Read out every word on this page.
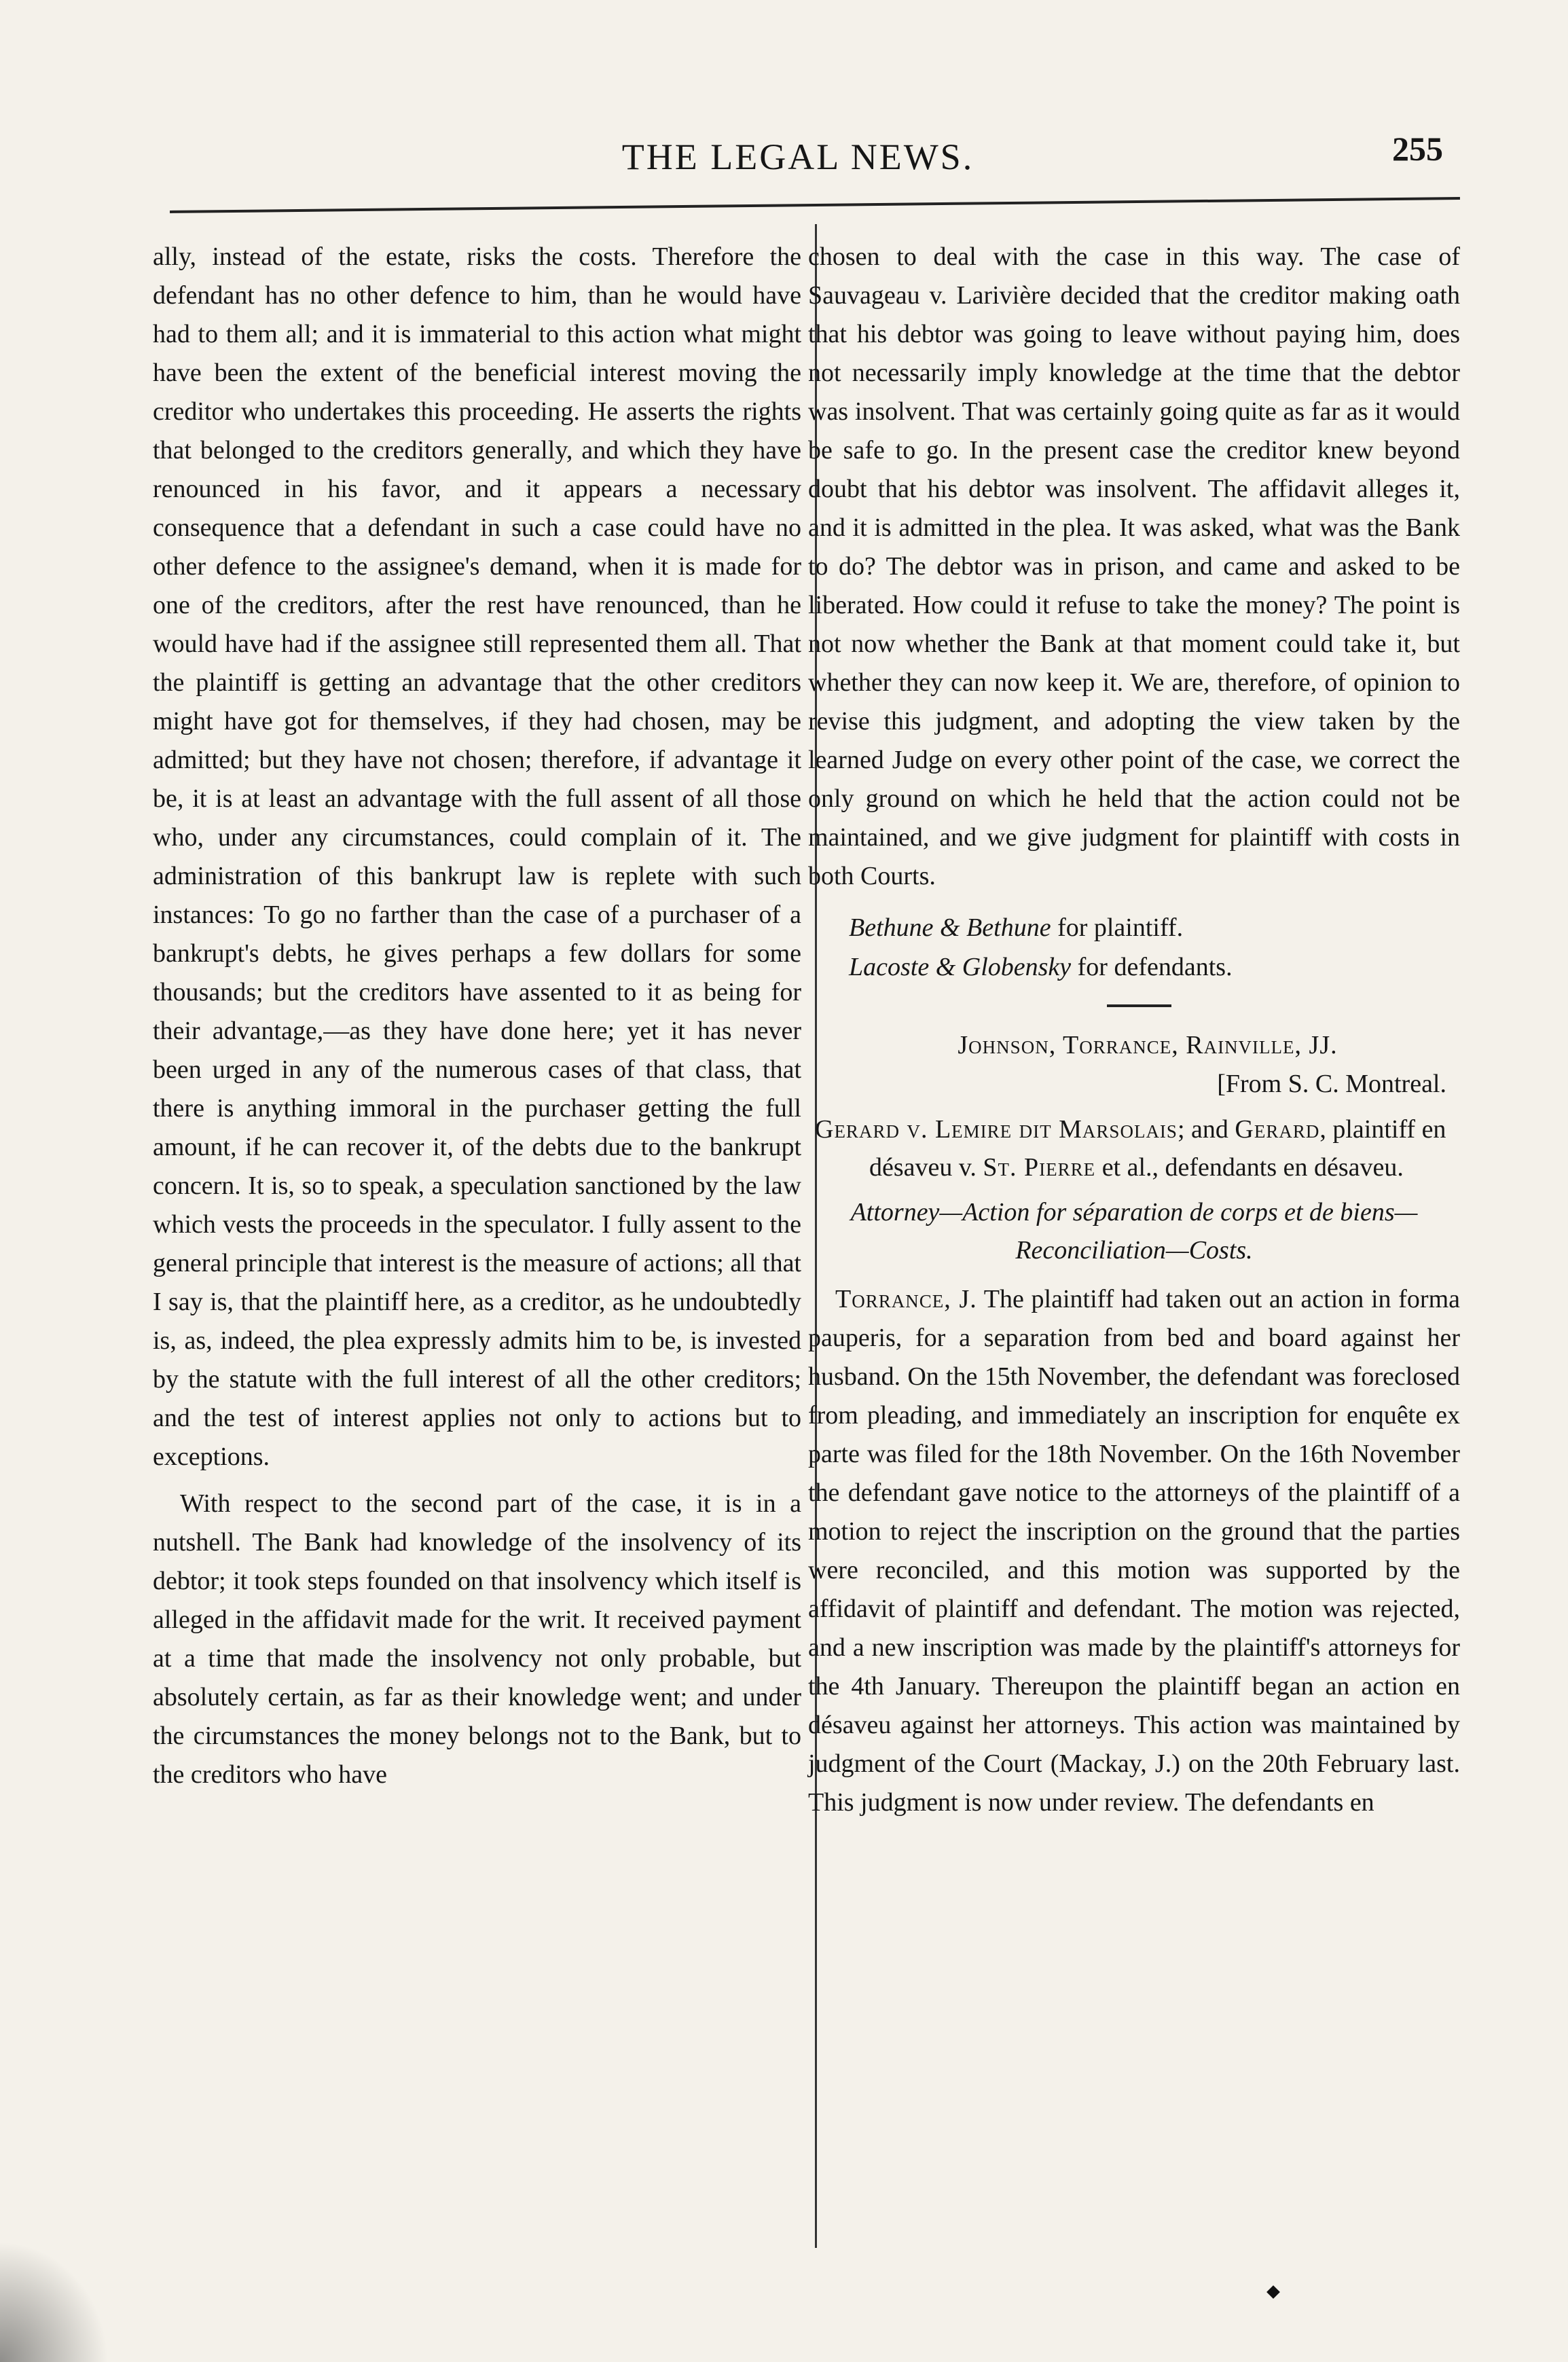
THE LEGAL NEWS.	255

ally, instead of the estate, risks the costs. Therefore the defendant has no other defence to him, than he would have had to them all; and it is immaterial to this action what might have been the extent of the beneficial interest moving the creditor who undertakes this proceeding. He asserts the rights that belonged to the creditors generally, and which they have renounced in his favor, and it appears a necessary consequence that a defendant in such a case could have no other defence to the assignee's demand, when it is made for one of the creditors, after the rest have renounced, than he would have had if the assignee still represented them all. That the plaintiff is getting an advantage that the other creditors might have got for themselves, if they had chosen, may be admitted; but they have not chosen; therefore, if advantage it be, it is at least an advantage with the full assent of all those who, under any circumstances, could complain of it. The administration of this bankrupt law is replete with such instances: To go no farther than the case of a purchaser of a bankrupt's debts, he gives perhaps a few dollars for some thousands; but the creditors have assented to it as being for their advantage,—as they have done here; yet it has never been urged in any of the numerous cases of that class, that there is anything immoral in the purchaser getting the full amount, if he can recover it, of the debts due to the bankrupt concern. It is, so to speak, a speculation sanctioned by the law which vests the proceeds in the speculator. I fully assent to the general principle that interest is the measure of actions; all that I say is, that the plaintiff here, as a creditor, as he undoubtedly is, as, indeed, the plea expressly admits him to be, is invested by the statute with the full interest of all the other creditors; and the test of interest applies not only to actions but to exceptions.

With respect to the second part of the case, it is in a nutshell. The Bank had knowledge of the insolvency of its debtor; it took steps founded on that insolvency which itself is alleged in the affidavit made for the writ. It received payment at a time that made the insolvency not only probable, but absolutely certain, as far as their knowledge went; and under the circumstances the money belongs not to the Bank, but to the creditors who have

chosen to deal with the case in this way. The case of Sauvageau v. Larivière decided that the creditor making oath that his debtor was going to leave without paying him, does not necessarily imply knowledge at the time that the debtor was insolvent. That was certainly going quite as far as it would be safe to go. In the present case the creditor knew beyond doubt that his debtor was insolvent. The affidavit alleges it, and it is admitted in the plea. It was asked, what was the Bank to do? The debtor was in prison, and came and asked to be liberated. How could it refuse to take the money? The point is not now whether the Bank at that moment could take it, but whether they can now keep it. We are, therefore, of opinion to revise this judgment, and adopting the view taken by the learned Judge on every other point of the case, we correct the only ground on which he held that the action could not be maintained, and we give judgment for plaintiff with costs in both Courts.

Bethune & Bethune for plaintiff.
Lacoste & Globensky for defendants.
Johnson, Torrance, Rainville, JJ.
[From S. C. Montreal.
Gerard v. Lemire dit Marsolais; and Gerard, plaintiff en désaveu v. St. Pierre et al., defendants en désaveu.
Attorney—Action for séparation de corps et de biens—Reconciliation—Costs.

Torrance, J. The plaintiff had taken out an action in forma pauperis, for a separation from bed and board against her husband. On the 15th November, the defendant was foreclosed from pleading, and immediately an inscription for enquête ex parte was filed for the 18th November. On the 16th November the defendant gave notice to the attorneys of the plaintiff of a motion to reject the inscription on the ground that the parties were reconciled, and this motion was supported by the affidavit of plaintiff and defendant. The motion was rejected, and a new inscription was made by the plaintiff's attorneys for the 4th January. Thereupon the plaintiff began an action en désaveu against her attorneys. This action was maintained by judgment of the Court (Mackay, J.) on the 20th February last. This judgment is now under review. The defendants en
